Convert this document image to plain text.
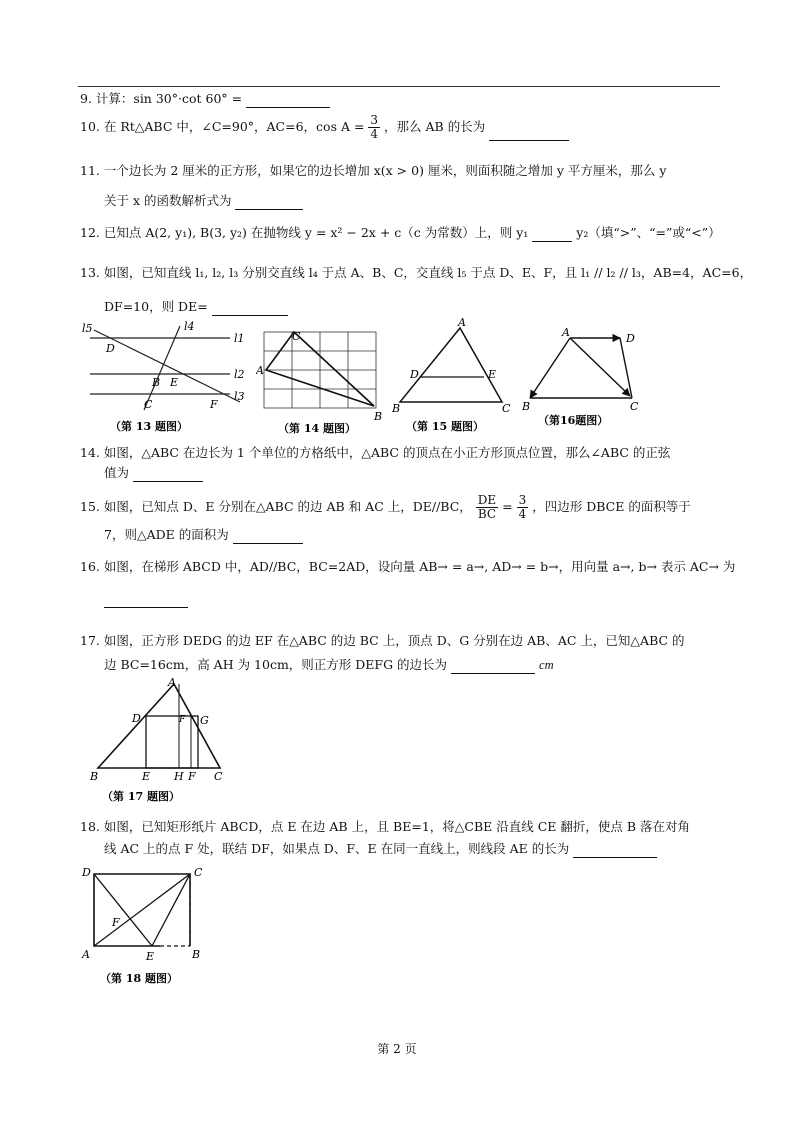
9. 计算：sin 30°·cot 60° =
10. 在 Rt△ABC 中，∠C=90°，AC=6，$\cos A = \frac{3}{4}$ ，那么 AB 的长为
11. 一个边长为 2 厘米的正方形，如果它的边长增加 x(x > 0) 厘米，则面积随之增加 y 平方厘米，那么 y
关于 x 的函数解析式为
12. 已知点 A(2, y₁), B(3, y₂) 在抛物线 y = x² − 2x + c（c 为常数）上，则 y₁	y₂（填“>”、“=”或“<”）
13. 如图，已知直线 l₁, l₂, l₃ 分别交直线 l₄ 于点 A、B、C，交直线 l₅ 于点 D、E、F，且 l₁ // l₂ // l₃，AB=4，AC=6，
DF=10，则 DE=
l5	l4
D
l1
l2
B E
l3
C	F
（第 13 题图）
C
A
B
（第 14 题图）
A
D	E
B	C
（第 15 题图）
A	D
B	C
（第16题图）
14. 如图，△ABC 在边长为 1 个单位的方格纸中，△ABC 的顶点在小正方形顶点位置，那么∠ABC 的正弦
值为
15. 如图，已知点 D、E 分别在△ABC 的边 AB 和 AC 上，DE//BC， $\frac{DE}{BC} = \frac{3}{4}$ ，四边形 DBCE 的面积等于
7，则△ADE 的面积为
16. 如图，在梯形 ABCD 中，AD//BC，BC=2AD，设向量 AB→ = a→, AD→ = b→，用向量 a→, b→ 表示 AC→ 为
17. 如图，正方形 DEDG 的边 EF 在△ABC 的边 BC 上，顶点 D、G 分别在边 AB、AC 上，已知△ABC 的
边 BC=16cm，高 AH 为 10cm，则正方形 DEFG 的边长为	cm
A
D	F G
B	E H F C
（第 17 题图）
18. 如图，已知矩形纸片 ABCD，点 E 在边 AB 上，且 BE=1，将△CBE 沿直线 CE 翻折，使点 B 落在对角
线 AC 上的点 F 处，联结 DF，如果点 D、F、E 在同一直线上，则线段 AE 的长为
D	C
F
A	E	B
（第 18 题图）
第 2 页
